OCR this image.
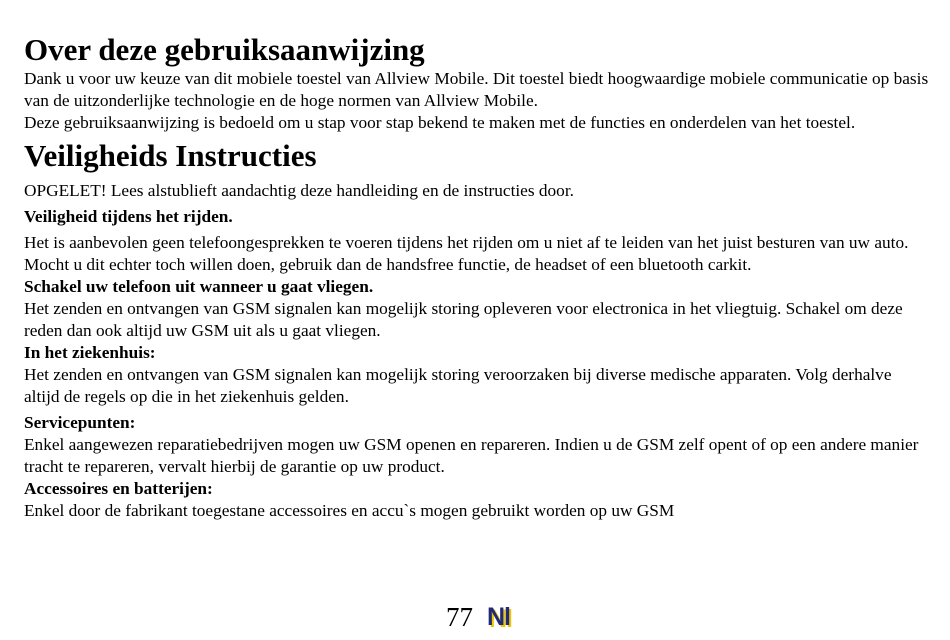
Over deze gebruiksaanwijzing

Dank u voor uw keuze van dit mobiele toestel van Allview Mobile. Dit toestel biedt hoogwaardige mobiele communicatie op basis van de uitzonderlijke technologie en de hoge normen van Allview Mobile.

Deze gebruiksaanwijzing is bedoeld om u stap voor stap bekend te maken met de functies en onderdelen van het toestel.

Veiligheids Instructies

OPGELET! Lees alstublieft aandachtig deze handleiding en de instructies door.

Veiligheid tijdens het rijden.

Het is aanbevolen geen telefoongesprekken te voeren tijdens het rijden om u niet af te leiden van het juist besturen van uw auto. Mocht u dit echter toch willen doen, gebruik dan de handsfree functie, de headset of een bluetooth carkit.

Schakel uw telefoon uit wanneer u gaat vliegen.

Het zenden en ontvangen van GSM signalen kan mogelijk storing opleveren voor electronica in het vliegtuig. Schakel om deze reden dan ook altijd uw GSM uit als u gaat vliegen.

In het ziekenhuis:

Het zenden en ontvangen van GSM signalen kan mogelijk storing veroorzaken bij diverse medische apparaten. Volg derhalve altijd de regels op die in het ziekenhuis gelden.

Servicepunten:

Enkel aangewezen reparatiebedrijven mogen uw GSM openen en repareren. Indien u de GSM zelf opent of op een andere manier tracht te repareren, vervalt hierbij de garantie op uw product.

Accessoires en batterijen:

Enkel door de fabrikant toegestane accessoires en accu`s mogen gebruikt worden op uw GSM

77 Nl
